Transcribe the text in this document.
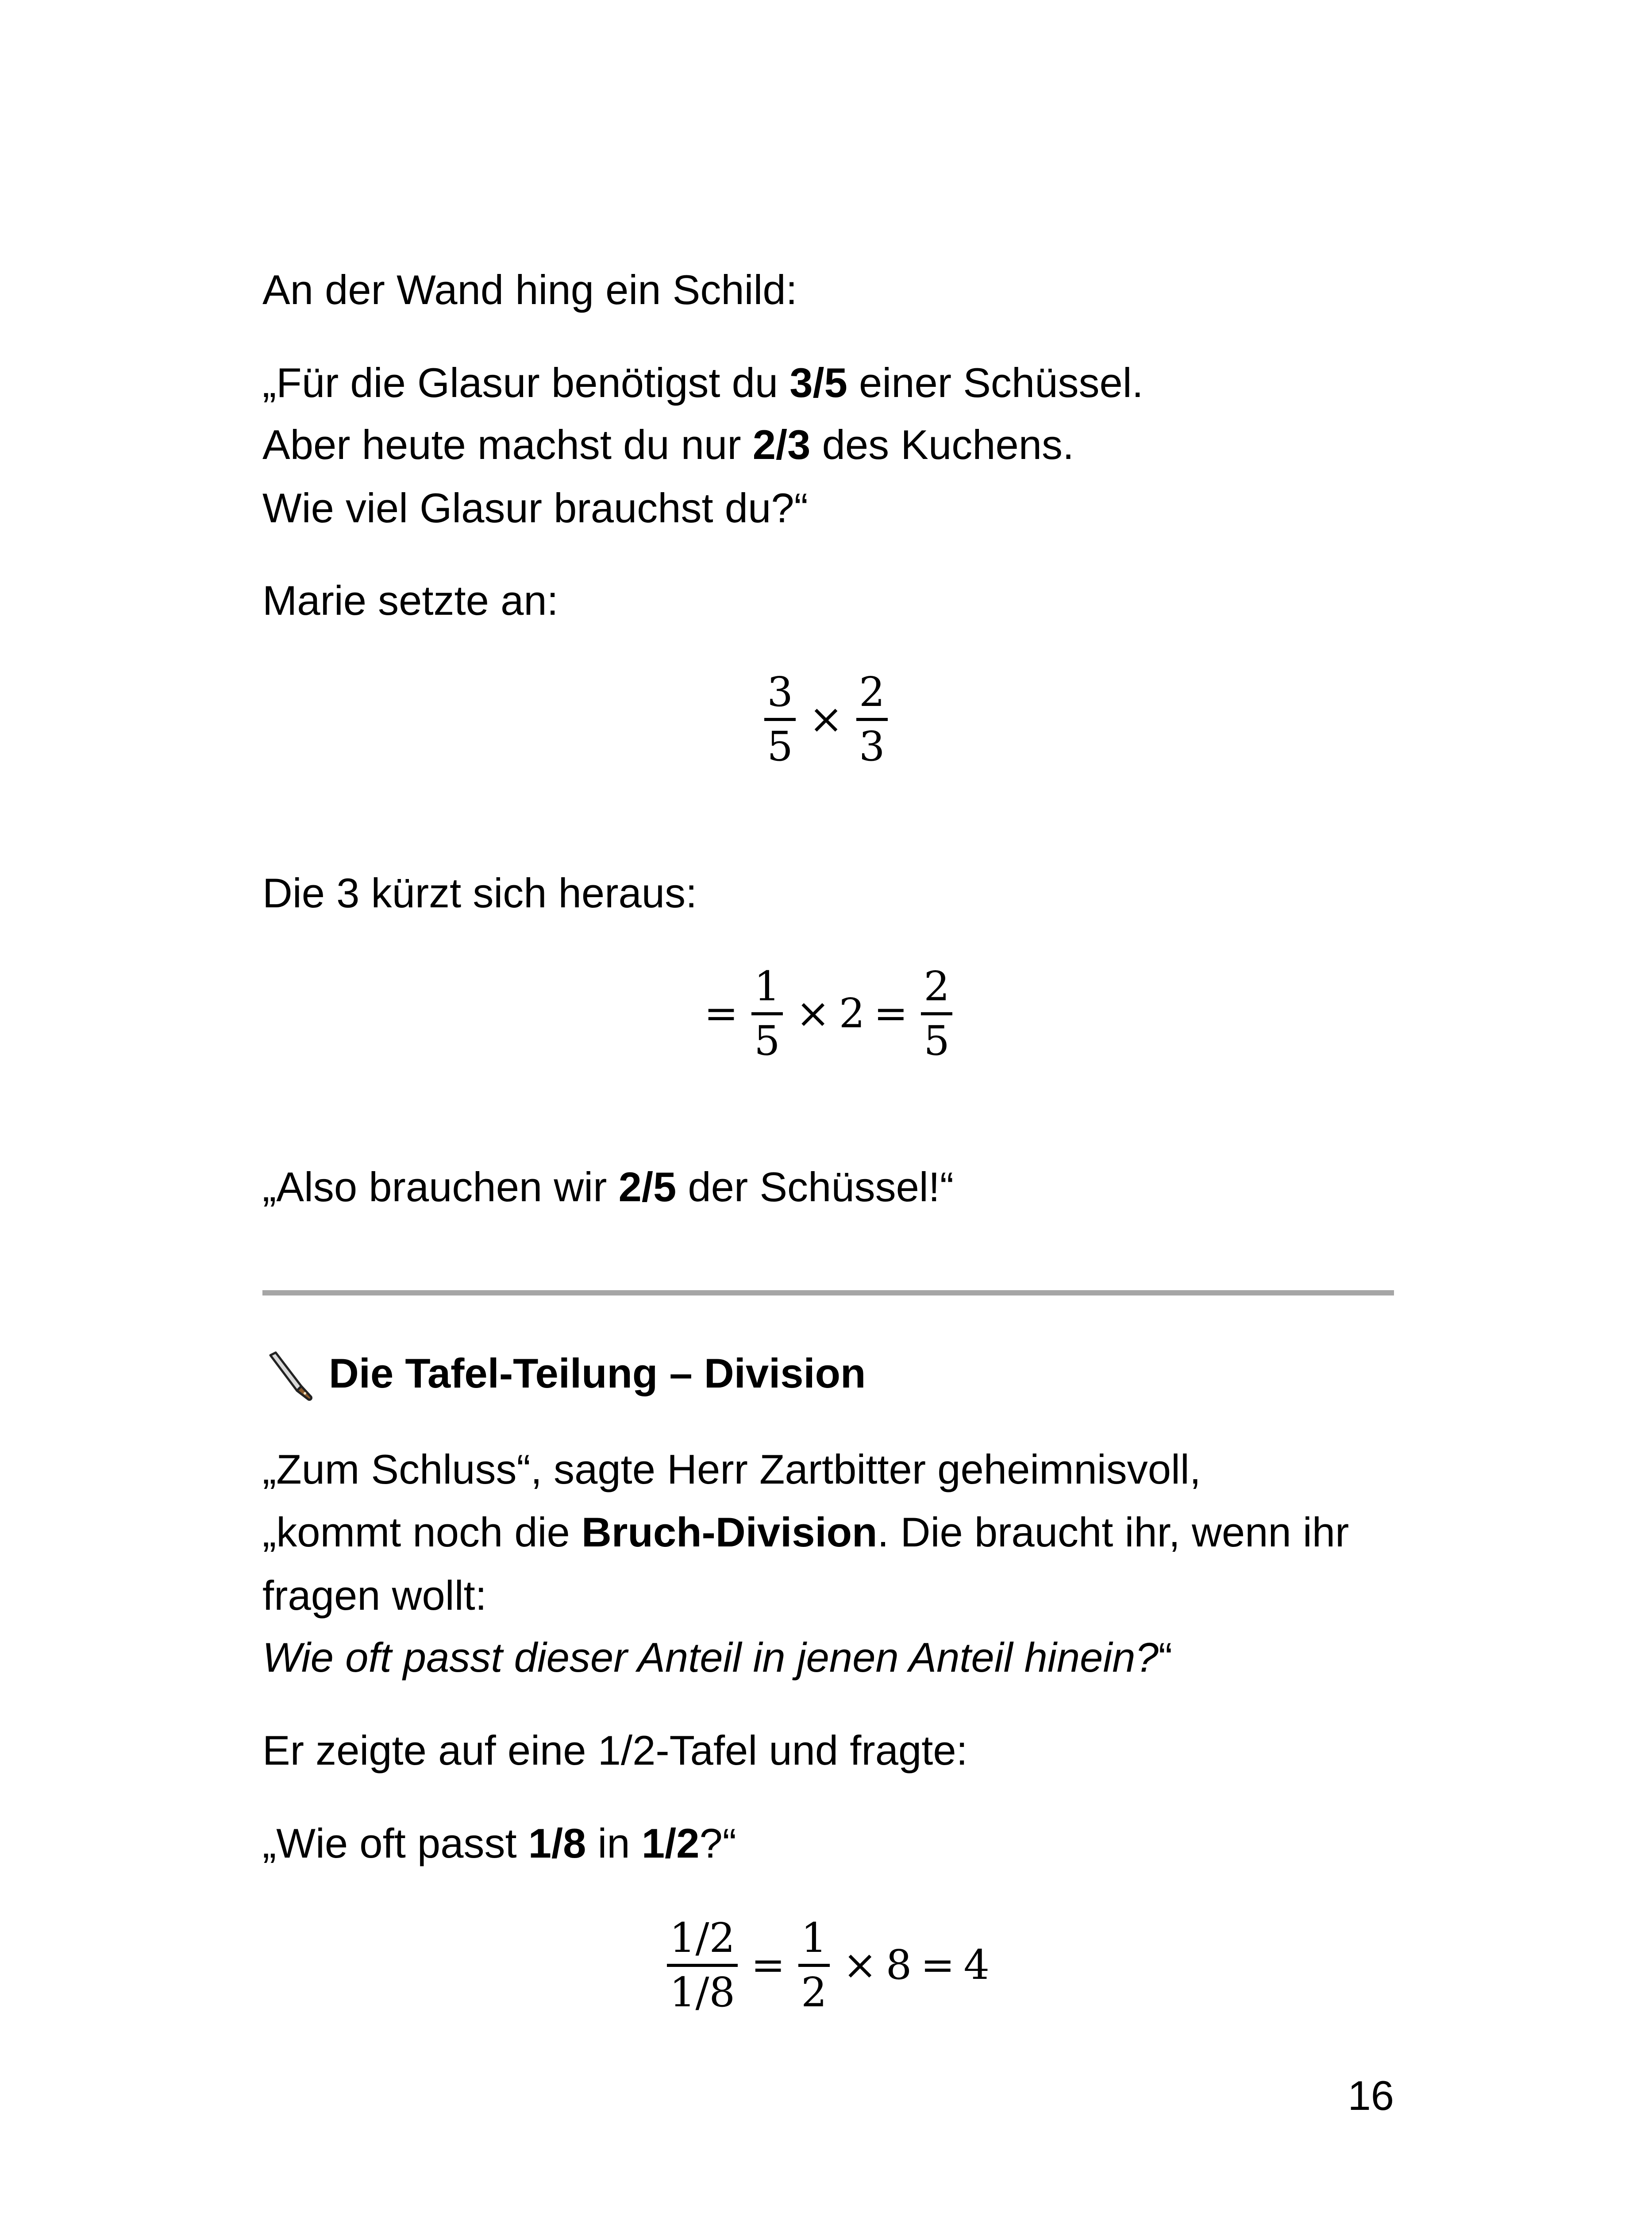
An der Wand hing ein Schild:
„Für die Glasur benötigst du 3/5 einer Schüssel.
Aber heute machst du nur 2/3 des Kuchens.
Wie viel Glasur brauchst du?“
Marie setzte an:
$\frac{3}{5} \times \frac{2}{3}$
Die 3 kürzt sich heraus:
= $\frac{1}{5} \times 2 = \frac{2}{5}$
„Also brauchen wir 2/5 der Schüssel!“
Die Tafel-Teilung – Division
„Zum Schluss“, sagte Herr Zartbitter geheimnisvoll,
„kommt noch die Bruch-Division. Die braucht ihr, wenn ihr
fragen wollt:
Wie oft passt dieser Anteil in jenen Anteil hinein?“
Er zeigte auf eine 1/2-Tafel und fragte:
„Wie oft passt 1/8 in 1/2?“
$\frac{1/2}{1/8} = \frac{1}{2} \times 8 = 4$
16
